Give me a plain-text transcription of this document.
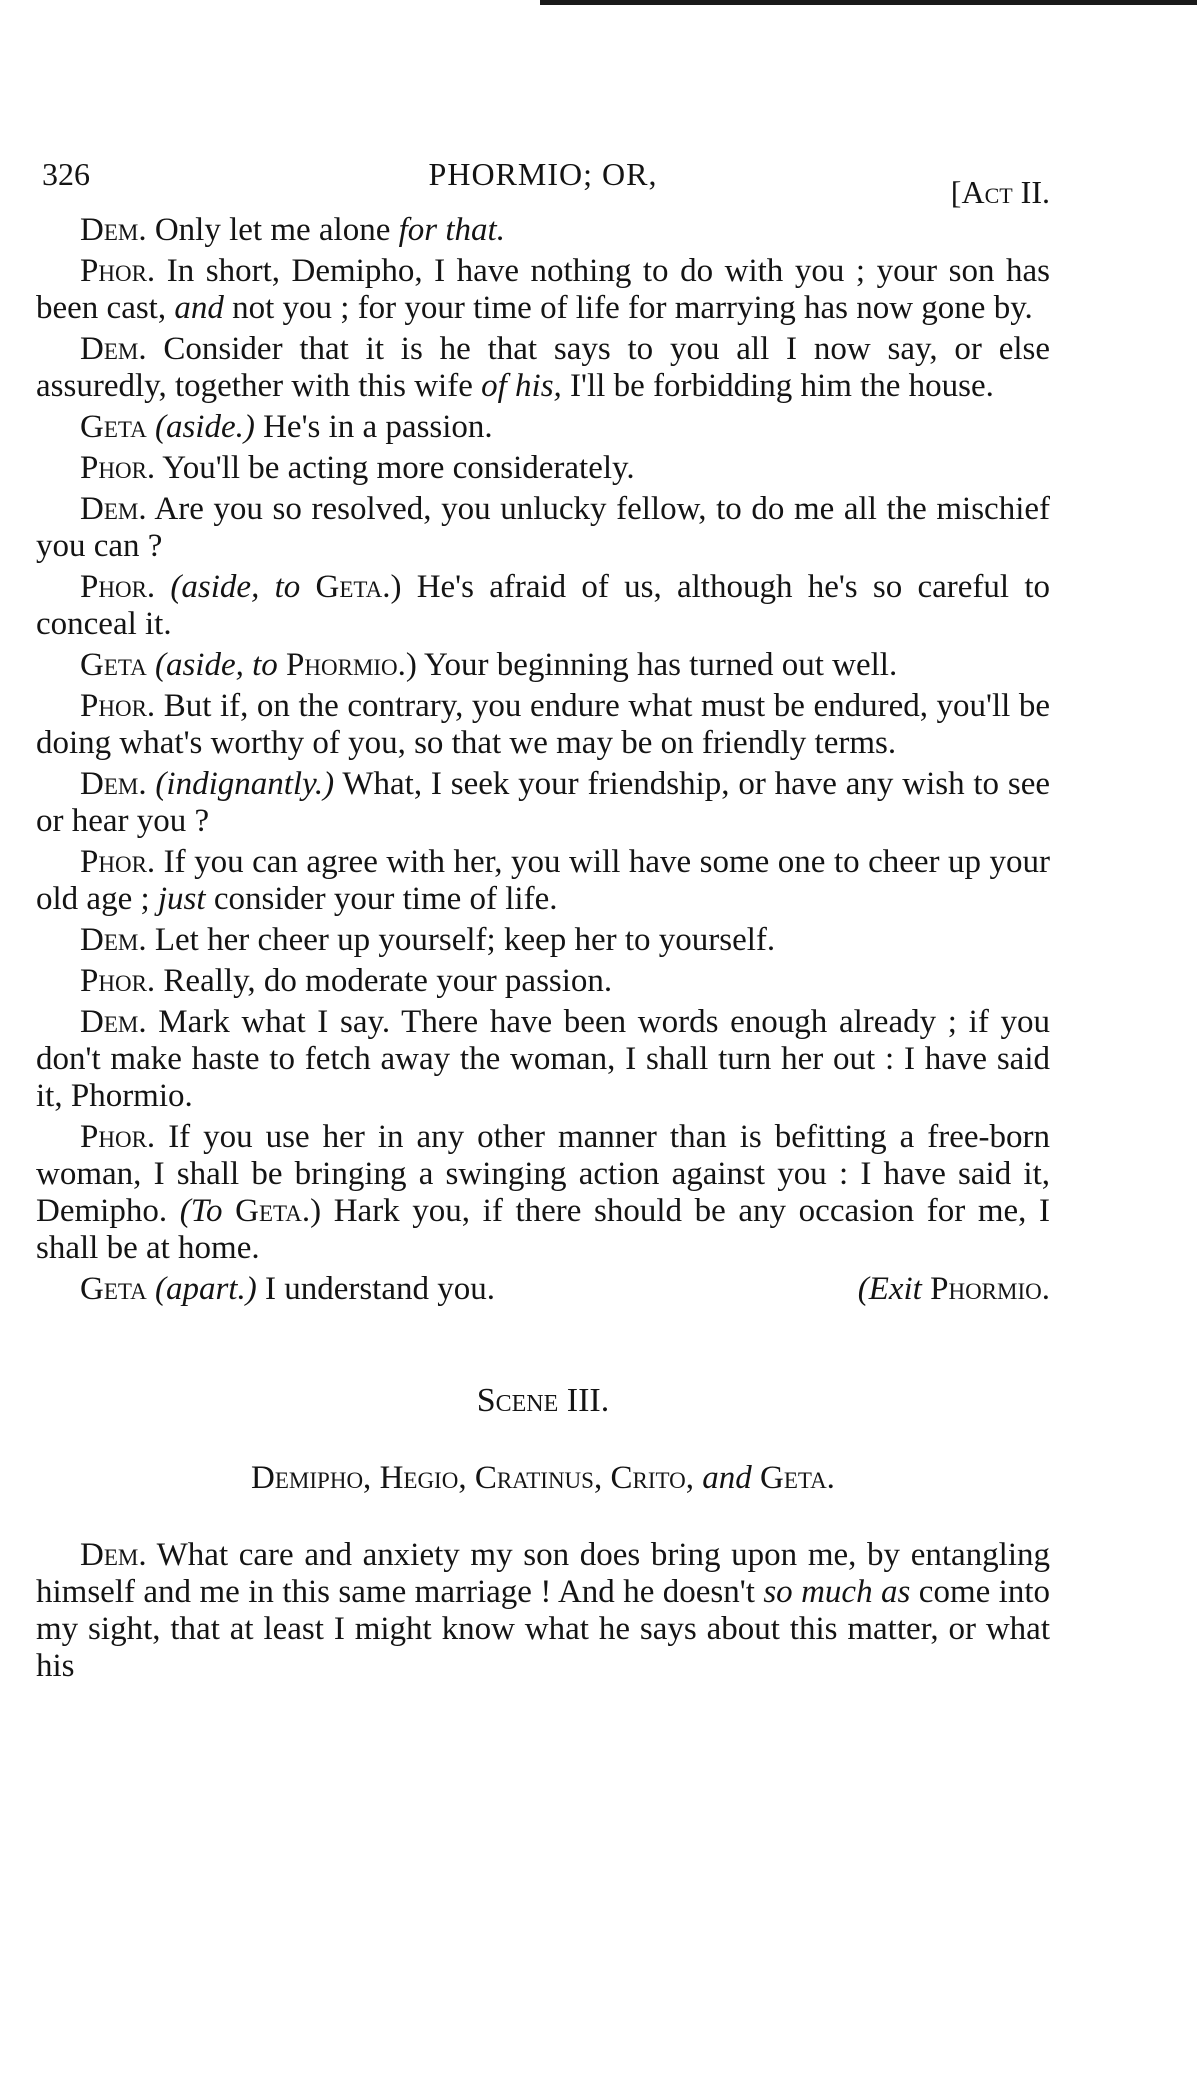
326	PHORMIO; OR,	[Act II.

Dem. Only let me alone for that.

Phor. In short, Demipho, I have nothing to do with you ; your son has been cast, and not you ; for your time of life for marrying has now gone by.

Dem. Consider that it is he that says to you all I now say, or else assuredly, together with this wife of his, I'll be forbidding him the house.

Geta (aside.) He's in a passion.

Phor. You'll be acting more considerately.

Dem. Are you so resolved, you unlucky fellow, to do me all the mischief you can ?

Phor. (aside, to Geta.) He's afraid of us, although he's so careful to conceal it.

Geta (aside, to Phormio.) Your beginning has turned out well.

Phor. But if, on the contrary, you endure what must be endured, you'll be doing what's worthy of you, so that we may be on friendly terms.

Dem. (indignantly.) What, I seek your friendship, or have any wish to see or hear you ?

Phor. If you can agree with her, you will have some one to cheer up your old age ; just consider your time of life.

Dem. Let her cheer up yourself; keep her to yourself.

Phor. Really, do moderate your passion.

Dem. Mark what I say. There have been words enough already ; if you don't make haste to fetch away the woman, I shall turn her out : I have said it, Phormio.

Phor. If you use her in any other manner than is befitting a free-born woman, I shall be bringing a swinging action against you : I have said it, Demipho. (To Geta.) Hark you, if there should be any occasion for me, I shall be at home.

Geta (apart.) I understand you.	(Exit Phormio.

Scene III.
Demipho, Hegio, Cratinus, Crito, and Geta.

Dem. What care and anxiety my son does bring upon me, by entangling himself and me in this same marriage ! And he doesn't so much as come into my sight, that at least I might know what he says about this matter, or what his
